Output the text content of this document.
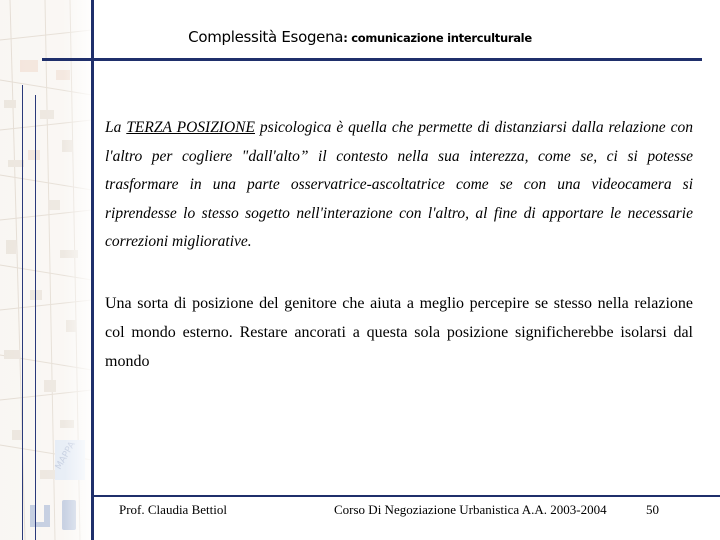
Complessità Esogena: comunicazione interculturale

La TERZA POSIZIONE psicologica è quella che permette di distanziarsi dalla relazione con l'altro per cogliere "dall'alto” il contesto nella sua interezza, come se, ci si potesse trasformare in una parte osservatrice-ascoltatrice come se con una videocamera si riprendesse lo stesso sogetto nell'interazione con l'altro, al fine di apportare le necessarie correzioni migliorative.

Una sorta di posizione del genitore che aiuta a meglio percepire se stesso nella relazione col mondo esterno. Restare ancorati a questa sola posizione significherebbe isolarsi dal mondo

Prof. Claudia Bettiol	Corso Di Negoziazione Urbanistica A.A. 2003-2004	50
